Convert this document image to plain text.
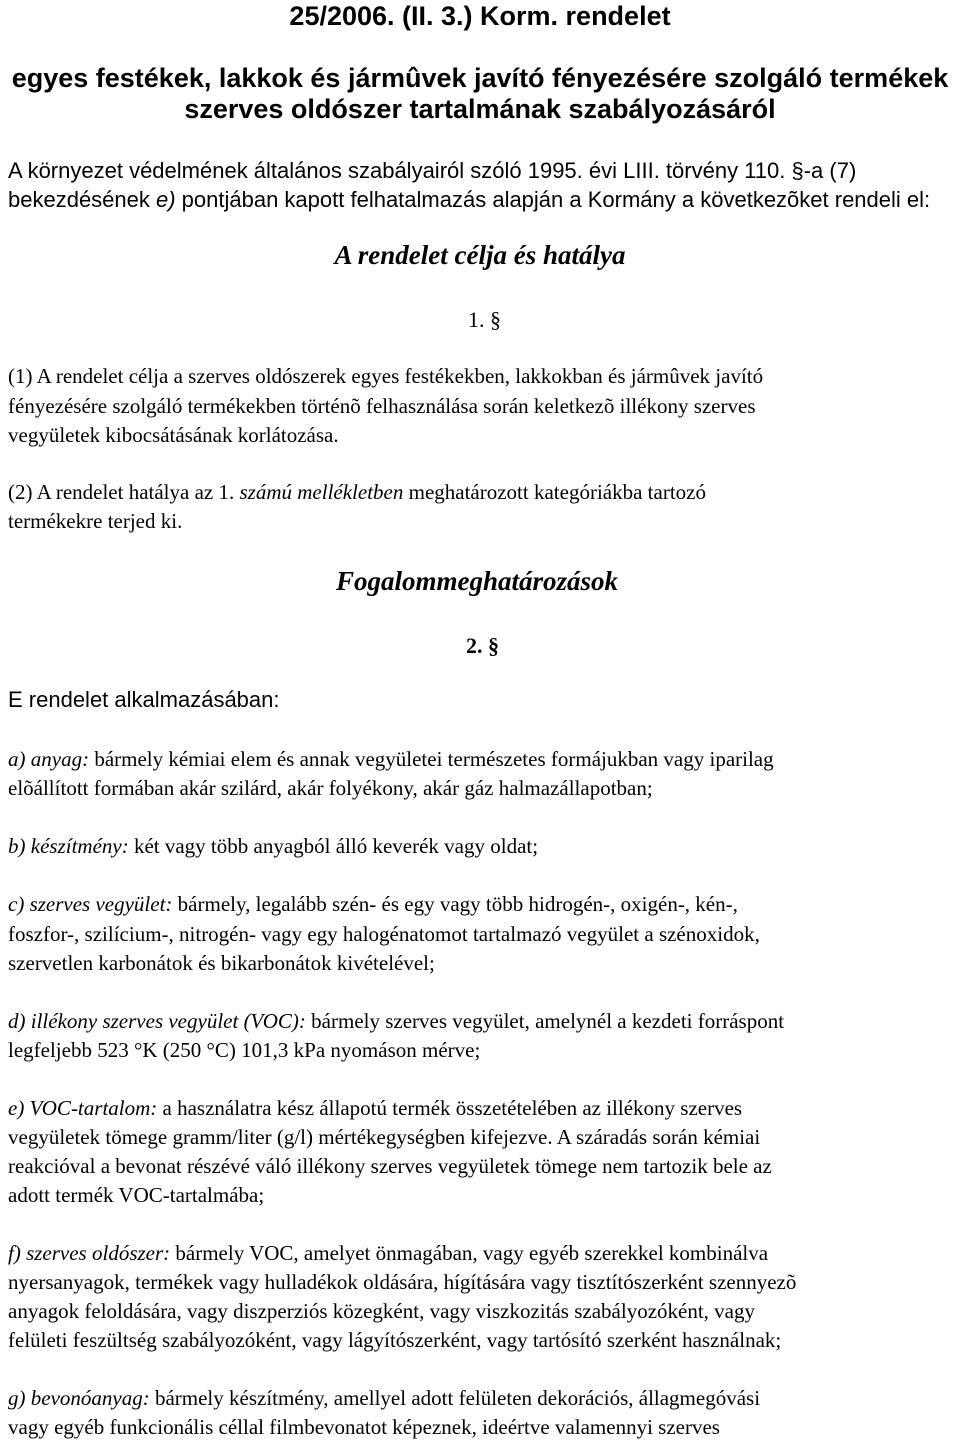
25/2006. (II. 3.) Korm. rendelet
egyes festékek, lakkok és jármûvek javító fényezésére szolgáló termékek
szerves oldószer tartalmának szabályozásáról
A környezet védelmének általános szabályairól szóló 1995. évi LIII. törvény 110. §-a (7)
bekezdésének e) pontjában kapott felhatalmazás alapján a Kormány a következõket rendeli el:
A rendelet célja és hatálya
1. §
(1) A rendelet célja a szerves oldószerek egyes festékekben, lakkokban és jármûvek javító
fényezésére szolgáló termékekben történõ felhasználása során keletkezõ illékony szerves
vegyületek kibocsátásának korlátozása.
(2) A rendelet hatálya az 1. számú mellékletben meghatározott kategóriákba tartozó
termékekre terjed ki.
Fogalommeghatározások
2. §
E rendelet alkalmazásában:
a) anyag: bármely kémiai elem és annak vegyületei természetes formájukban vagy iparilag
elõállított formában akár szilárd, akár folyékony, akár gáz halmazállapotban;
b) készítmény: két vagy több anyagból álló keverék vagy oldat;
c) szerves vegyület: bármely, legalább szén- és egy vagy több hidrogén-, oxigén-, kén-,
foszfor-, szilícium-, nitrogén- vagy egy halogénatomot tartalmazó vegyület a szénoxidok,
szervetlen karbonátok és bikarbonátok kivételével;
d) illékony szerves vegyület (VOC): bármely szerves vegyület, amelynél a kezdeti forráspont
legfeljebb 523 °K (250 °C) 101,3 kPa nyomáson mérve;
e) VOC-tartalom: a használatra kész állapotú termék összetételében az illékony szerves
vegyületek tömege gramm/liter (g/l) mértékegységben kifejezve. A száradás során kémiai
reakcióval a bevonat részévé váló illékony szerves vegyületek tömege nem tartozik bele az
adott termék VOC-tartalmába;
f) szerves oldószer: bármely VOC, amelyet önmagában, vagy egyéb szerekkel kombinálva
nyersanyagok, termékek vagy hulladékok oldására, hígítására vagy tisztítószerként szennyezõ
anyagok feloldására, vagy diszperziós közegként, vagy viszkozitás szabályozóként, vagy
felületi feszültség szabályozóként, vagy lágyítószerként, vagy tartósító szerként használnak;
g) bevonóanyag: bármely készítmény, amellyel adott felületen dekorációs, állagmegóvási
vagy egyéb funkcionális céllal filmbevonatot képeznek, ideértve valamennyi szerves
